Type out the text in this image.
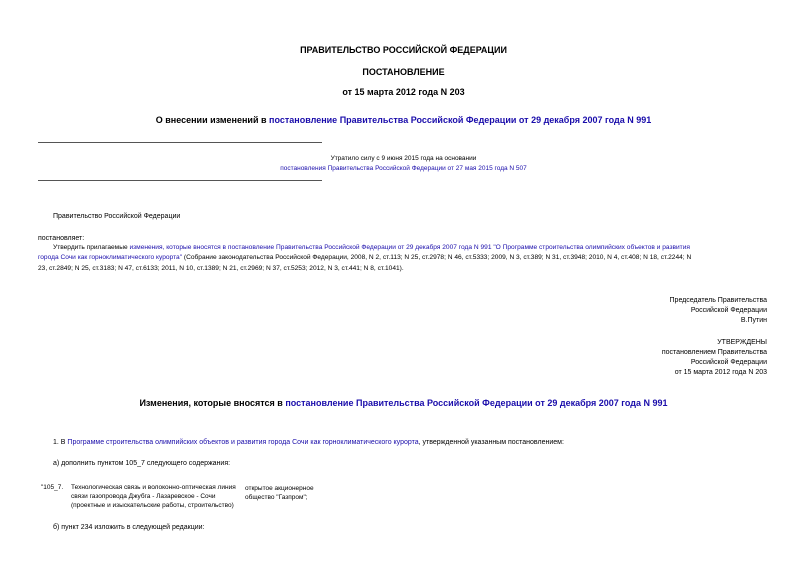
ПРАВИТЕЛЬСТВО РОССИЙСКОЙ ФЕДЕРАЦИИ
ПОСТАНОВЛЕНИЕ
от 15 марта 2012 года N 203
О внесении изменений в постановление Правительства Российской Федерации от 29 декабря 2007 года N 991
Утратило силу с 9 июня 2015 года на основании
постановления Правительства Российской Федерации от 27 мая 2015 года N 507
Правительство Российской Федерации
постановляет:
Утвердить прилагаемые изменения, которые вносятся в постановление Правительства Российской Федерации от 29 декабря 2007 года N 991 "О Программе строительства олимпийских объектов и развития
города Сочи как горноклиматического курорта" (Собрание законодательства Российской Федерации, 2008, N 2, ст.113; N 25, ст.2978; N 46, ст.5333; 2009, N 3, ст.389; N 31, ст.3948; 2010, N 4, ст.408; N 18, ст.2244; N
23, ст.2849; N 25, ст.3183; N 47, ст.6133; 2011, N 10, ст.1389; N 21, ст.2969; N 37, ст.5253; 2012, N 3, ст.441; N 8, ст.1041).
Председатель Правительства
Российской Федерации
В.Путин
УТВЕРЖДЕНЫ
постановлением Правительства
Российской Федерации
от 15 марта 2012 года N 203
Изменения, которые вносятся в постановление Правительства Российской Федерации от 29 декабря 2007 года N 991
1. В Программе строительства олимпийских объектов и развития города Сочи как горноклиматического курорта, утвержденной указанным постановлением:
а) дополнить пунктом 105_7 следующего содержания:
"105_7. Технологическая связь и волоконно-оптическая линия
связи газопровода Джубга - Лазаревское - Сочи
(проектные и изыскательские работы, строительство)
открытое акционерное
общество "Газпром";
б) пункт 234 изложить в следующей редакции:
